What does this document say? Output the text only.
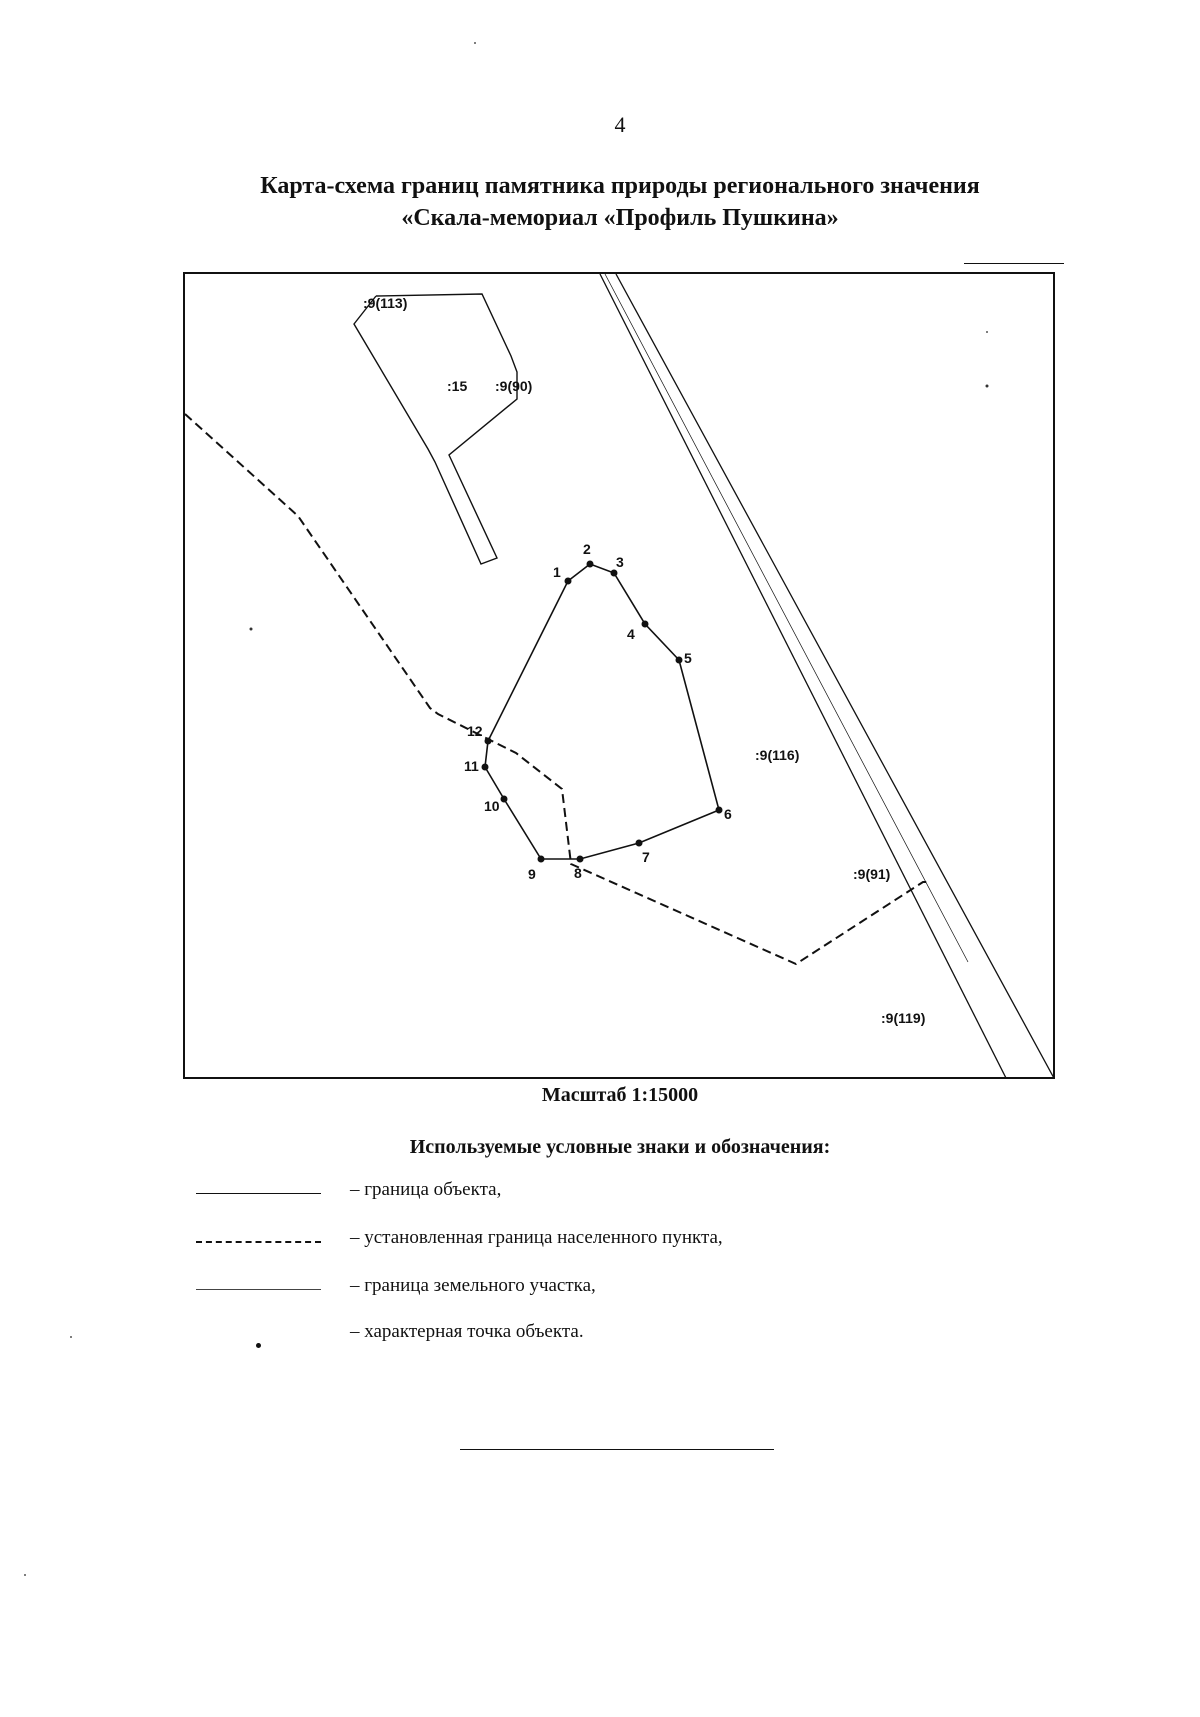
4
Карта-схема границ памятника природы регионального значения
«Скала-мемориал «Профиль Пушкина»
1
2
3
4
5
6
7
8
9
10
11
12
:9(113)
:15 :9(90)
:9(116)
:9(91)
:9(119)
Масштаб 1:15000
Используемые условные знаки и обозначения:
– граница объекта,
– установленная граница населенного пункта,
– граница земельного участка,
– характерная точка объекта.
